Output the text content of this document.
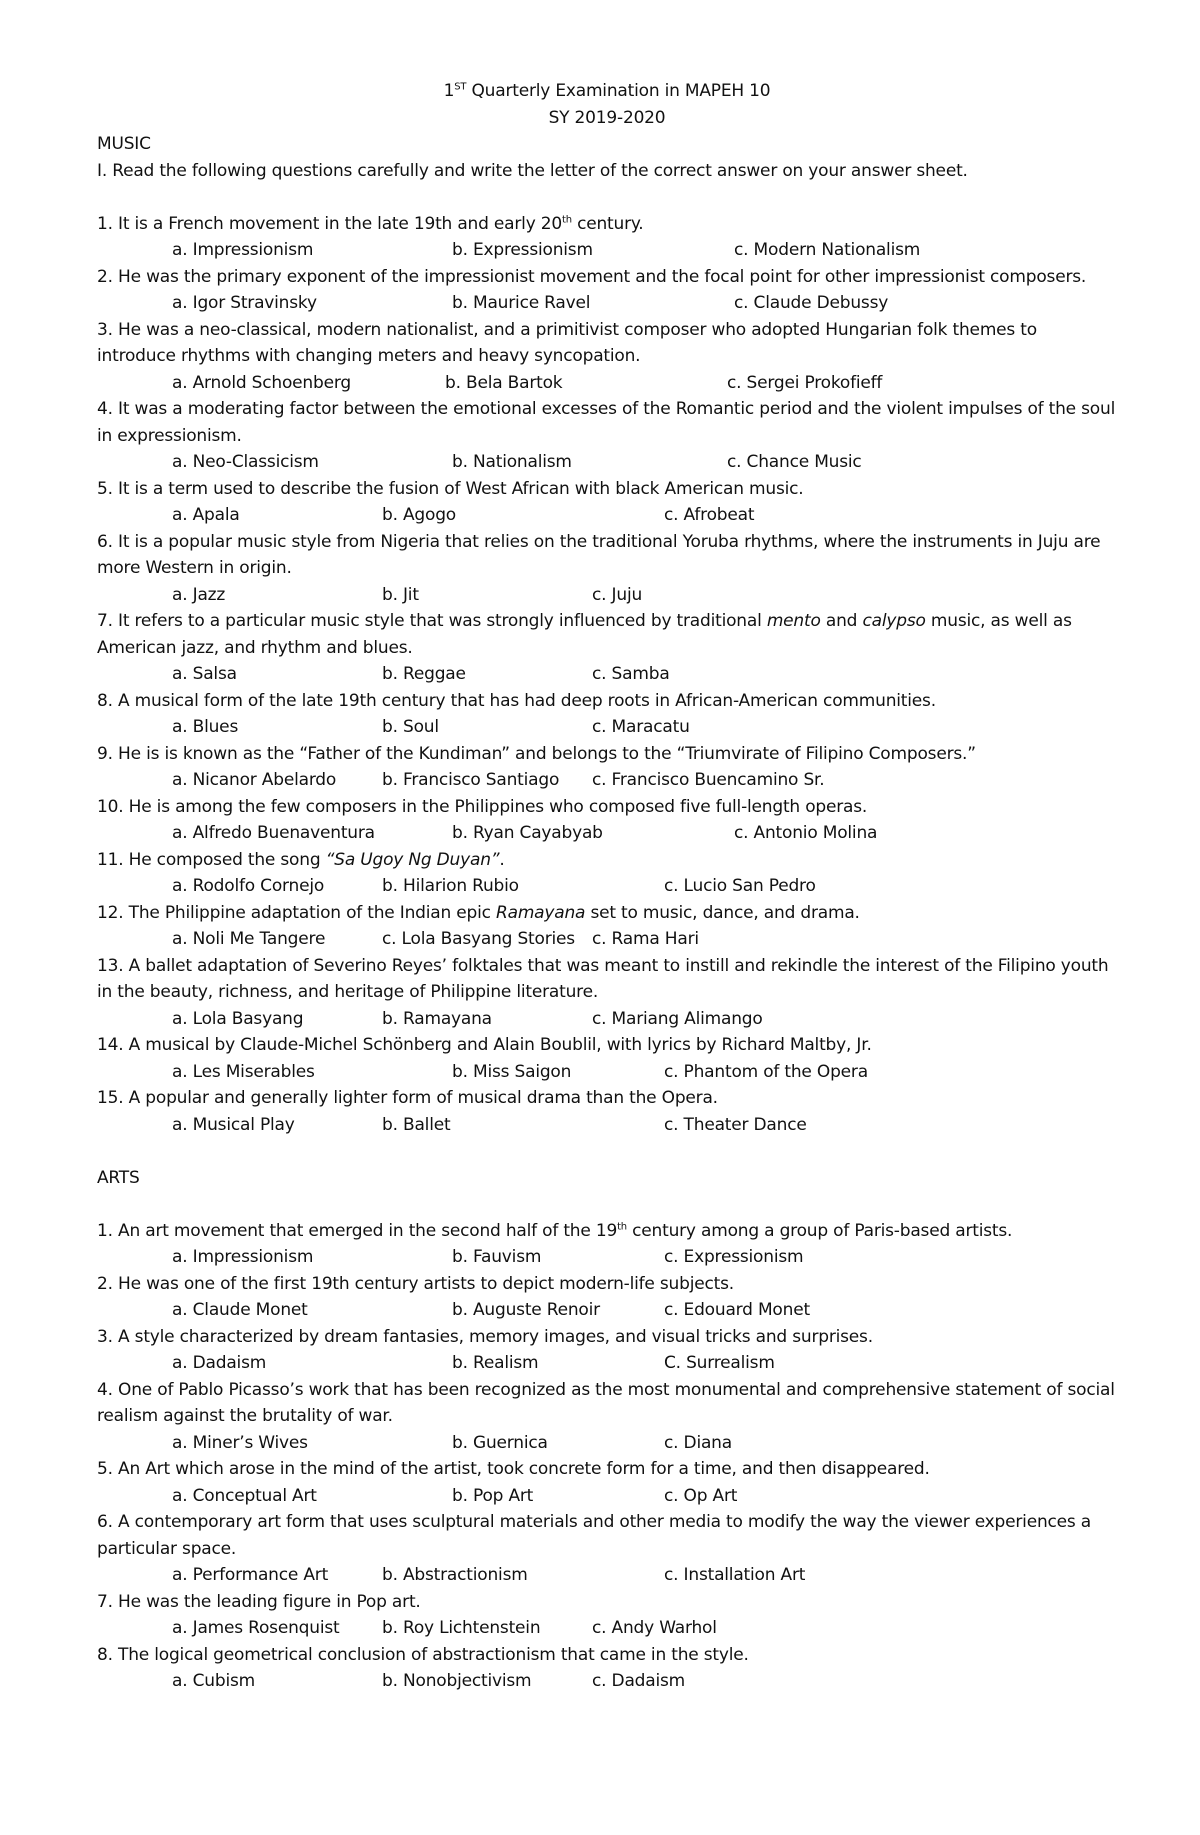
1ST Quarterly Examination in MAPEH 10
SY 2019-2020
MUSIC
I. Read the following questions carefully and write the letter of the correct answer on your answer sheet.
1. It is a French movement in the late 19th and early 20th century.
a. Impressionism	b. Expressionism	c. Modern Nationalism
2. He was the primary exponent of the impressionist movement and the focal point for other impressionist composers.
a. Igor Stravinsky	b. Maurice Ravel	c. Claude Debussy
3. He was a neo-classical, modern nationalist, and a primitivist composer who adopted Hungarian folk themes to introduce rhythms with changing meters and heavy syncopation.
a. Arnold Schoenberg	b. Bela Bartok	c. Sergei Prokofieff
4. It was a moderating factor between the emotional excesses of the Romantic period and the violent impulses of the soul in expressionism.
a. Neo-Classicism	b. Nationalism	c. Chance Music
5. It is a term used to describe the fusion of West African with black American music.
a. Apala	b. Agogo	c. Afrobeat
6. It is a popular music style from Nigeria that relies on the traditional Yoruba rhythms, where the instruments in Juju are more Western in origin.
a. Jazz	b. Jit	c. Juju
7. It refers to a particular music style that was strongly influenced by traditional mento and calypso music, as well as American jazz, and rhythm and blues.
a. Salsa	b. Reggae	c. Samba
8. A musical form of the late 19th century that has had deep roots in African-American communities.
a. Blues	b. Soul	c. Maracatu
9. He is is known as the “Father of the Kundiman” and belongs to the “Triumvirate of Filipino Composers.”
a. Nicanor Abelardo	b. Francisco Santiago c. Francisco Buencamino Sr.
10. He is among the few composers in the Philippines who composed five full-length operas.
a. Alfredo Buenaventura	b. Ryan Cayabyab	c. Antonio Molina
11. He composed the song “Sa Ugoy Ng Duyan”.
a. Rodolfo Cornejo	b. Hilarion Rubio	c. Lucio San Pedro
12. The Philippine adaptation of the Indian epic Ramayana set to music, dance, and drama.
a. Noli Me Tangere	c. Lola Basyang Stories c. Rama Hari
13. A ballet adaptation of Severino Reyes’ folktales that was meant to instill and rekindle the interest of the Filipino youth in the beauty, richness, and heritage of Philippine literature.
a. Lola Basyang	b. Ramayana	c. Mariang Alimango
14. A musical by Claude-Michel Schönberg and Alain Boublil, with lyrics by Richard Maltby, Jr.
a. Les Miserables	b. Miss Saigon	c. Phantom of the Opera
15. A popular and generally lighter form of musical drama than the Opera.
a. Musical Play	b. Ballet	c. Theater Dance
ARTS
1. An art movement that emerged in the second half of the 19th century among a group of Paris-based artists.
a. Impressionism	b. Fauvism	c. Expressionism
2. He was one of the first 19th century artists to depict modern-life subjects.
a. Claude Monet	b. Auguste Renoir	c. Edouard Monet
3. A style characterized by dream fantasies, memory images, and visual tricks and surprises.
a. Dadaism	b. Realism	C. Surrealism
4. One of Pablo Picasso’s work that has been recognized as the most monumental and comprehensive statement of social realism against the brutality of war.
a. Miner’s Wives	b. Guernica	c. Diana
5. An Art which arose in the mind of the artist, took concrete form for a time, and then disappeared.
a. Conceptual Art	b. Pop Art	c. Op Art
6. A contemporary art form that uses sculptural materials and other media to modify the way the viewer experiences a particular space.
a. Performance Art	b. Abstractionism	c. Installation Art
7. He was the leading figure in Pop art.
a. James Rosenquist	b. Roy Lichtenstein	c. Andy Warhol
8. The logical geometrical conclusion of abstractionism that came in the style.
a. Cubism	b. Nonobjectivism	c. Dadaism
